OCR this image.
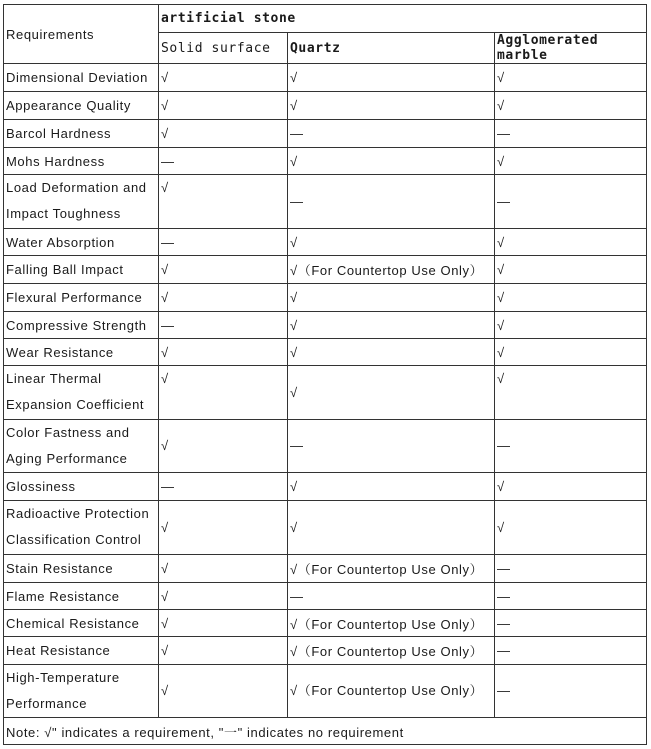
Requirements	artificial stone		
	Solid surface	Quartz	Agglomerated marble
Dimensional Deviation	√	√	√
Appearance Quality	√	√	√
Barcol Hardness	√	—	—
Mohs Hardness	—	√	√
Load Deformation and Impact Toughness	√	—	—
Water Absorption	—	√	√
Falling Ball Impact	√	√（For Countertop Use Only）	√
Flexural Performance	√	√	√
Compressive Strength	—	√	√
Wear Resistance	√	√	√
Linear Thermal Expansion Coefficient	√	√	√
Color Fastness and Aging Performance	√	—	—
Glossiness	—	√	√
Radioactive Protection Classification Control	√	√	√
Stain Resistance	√	√（For Countertop Use Only）	—
Flame Resistance	√	—	—
Chemical Resistance	√	√（For Countertop Use Only）	—
Heat Resistance	√	√（For Countertop Use Only）	—
High-Temperature Performance	√	√（For Countertop Use Only）	—
Note: √" indicates a requirement, "一" indicates no requirement			
